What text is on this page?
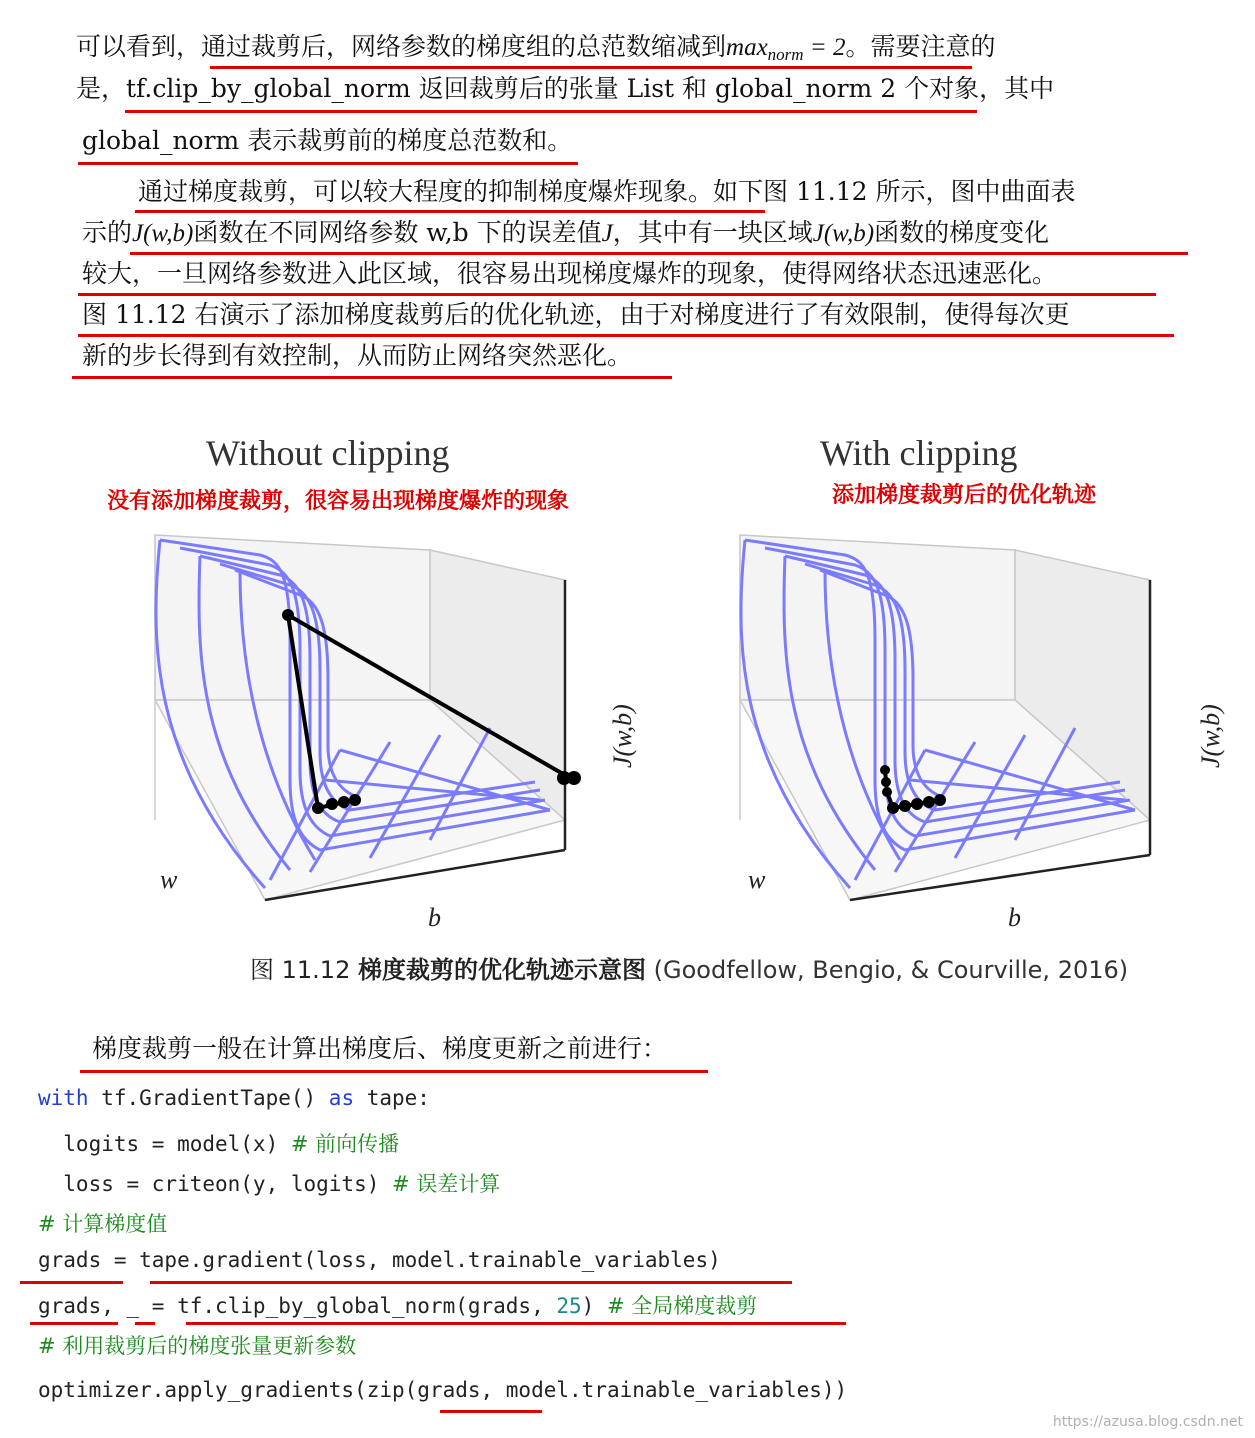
可以看到，通过裁剪后，网络参数的梯度组的总范数缩减到$\max_{norm} = 2$。需要注意的
是，tf.clip_by_global_norm 返回裁剪后的张量 List 和 global_norm 2 个对象，其中
global_norm 表示裁剪前的梯度总范数和。
通过梯度裁剪，可以较大程度的抑制梯度爆炸现象。如下图 11.12 所示，图中曲面表
示的J(w,b)函数在不同网络参数 w,b 下的误差值J，其中有一块区域J(w,b)函数的梯度变化
较大，一旦网络参数进入此区域，很容易出现梯度爆炸的现象，使得网络状态迅速恶化。
图 11.12 右演示了添加梯度裁剪后的优化轨迹，由于对梯度进行了有效限制，使得每次更
新的步长得到有效控制，从而防止网络突然恶化。
Without clipping
没有添加梯度裁剪，很容易出现梯度爆炸的现象
With clipping
添加梯度裁剪后的优化轨迹
w
b
J(w,b)
w
b
J(w,b)
图 11.12 梯度裁剪的优化轨迹示意图 (Goodfellow, Bengio, & Courville, 2016)
梯度裁剪一般在计算出梯度后、梯度更新之前进行：
with tf.GradientTape() as tape:
logits = model(x) # 前向传播
loss = criteon(y, logits) # 误差计算
# 计算梯度值
grads = tape.gradient(loss, model.trainable_variables)
grads, _ = tf.clip_by_global_norm(grads, 25) # 全局梯度裁剪
# 利用裁剪后的梯度张量更新参数
optimizer.apply_gradients(zip(grads, model.trainable_variables))
https://azusa.blog.csdn.net
